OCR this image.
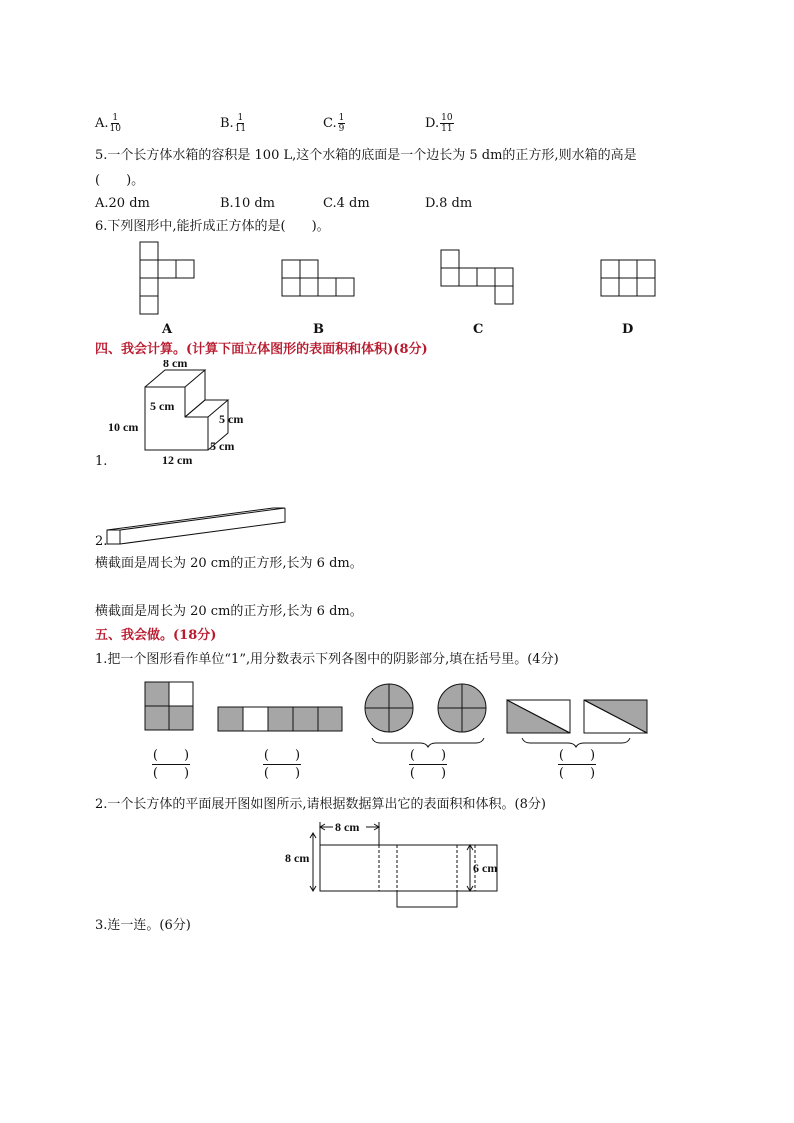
A. $\frac{1}{10}$	B. $\frac{1}{11}$	C. $\frac{1}{9}$	D. $\frac{10}{11}$
5.一个长方体水箱的容积是 100 L,这个水箱的底面是一个边长为 5 dm的正方形,则水箱的高是
(　　)。
A.20 dm	B.10 dm	C.4 dm	D.8 dm
6.下列图形中,能折成正方体的是(　　)。
A	B	C	D
四、我会计算。(计算下面立体图形的表面积和体积)(8分)
8 cm
5 cm
5 cm
10 cm
5 cm
12 cm
1.
2.
横截面是周长为 20 cm的正方形,长为 6 dm。
横截面是周长为 20 cm的正方形,长为 6 dm。
五、我会做。(18分)
1.把一个图形看作单位“1”,用分数表示下列各图中的阴影部分,填在括号里。(4分)
(　　)
(　　)
(　　)
(　　)
(　　)
(　　)
(　　)
(　　)
2.一个长方体的平面展开图如图所示,请根据数据算出它的表面积和体积。(8分)
8 cm
8 cm
6 cm
3.连一连。(6分)
